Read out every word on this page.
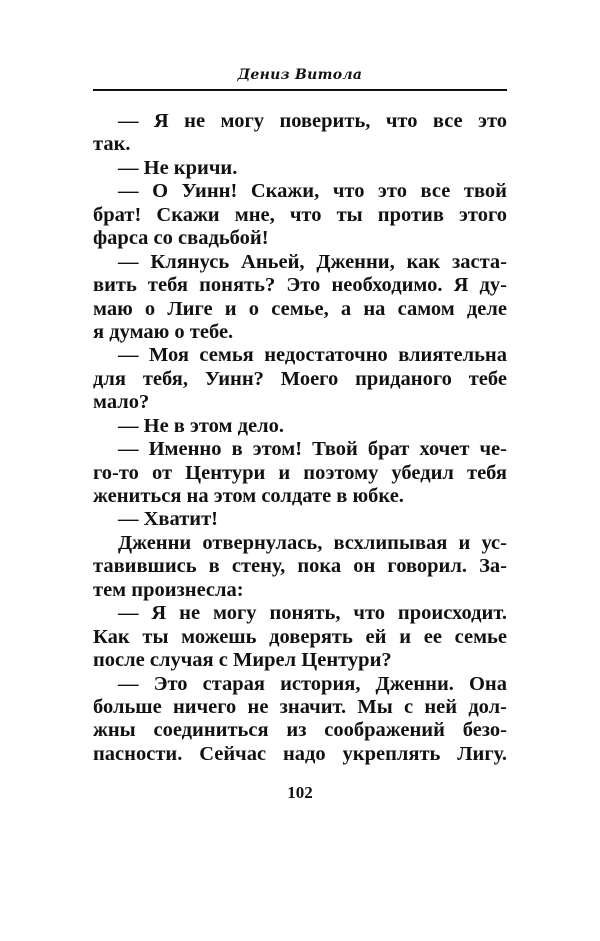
Дениз Витола
— Я не могу поверить, что все это
так.
— Не кричи.
— О Уинн! Скажи, что это все твой
брат! Скажи мне, что ты против этого
фарса со свадьбой!
— Клянусь Аньей, Дженни, как заста-
вить тебя понять? Это необходимо. Я ду-
маю о Лиге и о семье, а на самом деле
я думаю о тебе.
— Моя семья недостаточно влиятельна
для тебя, Уинн? Моего приданого тебе
мало?
— Не в этом дело.
— Именно в этом! Твой брат хочет че-
го-то от Центури и поэтому убедил тебя
жениться на этом солдате в юбке.
— Хватит!
Дженни отвернулась, всхлипывая и ус-
тавившись в стену, пока он говорил. За-
тем произнесла:
— Я не могу понять, что происходит.
Как ты можешь доверять ей и ее семье
после случая с Мирел Центури?
— Это старая история, Дженни. Она
больше ничего не значит. Мы с ней дол-
жны соединиться из соображений безо-
пасности. Сейчас надо укреплять Лигу.
102
